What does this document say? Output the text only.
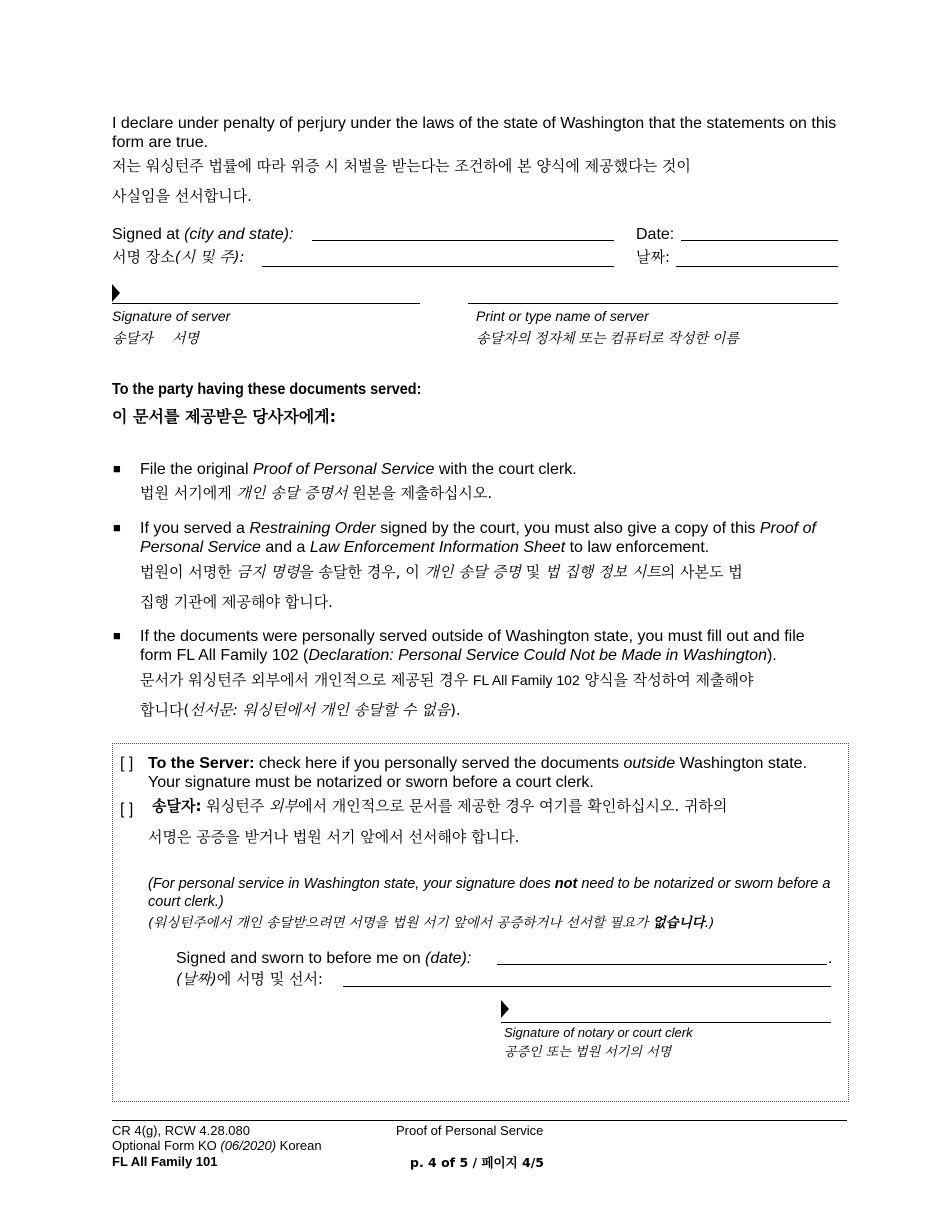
I declare under penalty of perjury under the laws of the state of Washington that the statements on this form are true.
저는 워싱턴주 법률에 따라 위증 시 처벌을 받는다는 조건하에 본 양식에 제공했다는 것이
사실임을 선서합니다.
Signed at (city and state):
서명 장소(시 및 주):
Date:
날짜:
Signature of server
송달자     서명
Print or type name of server
송달자의 정자체 또는 컴퓨터로 작성한 이름
To the party having these documents served:
이 문서를 제공받은 당사자에게:
■ File the original Proof of Personal Service with the court clerk.
법원 서기에게 개인 송달 증명서 원본을 제출하십시오.
■ If you served a Restraining Order signed by the court, you must also give a copy of this Proof of Personal Service and a Law Enforcement Information Sheet to law enforcement.
법원이 서명한 금지 명령을 송달한 경우, 이 개인 송달 증명 및 법 집행 정보 시트의 사본도 법
집행 기관에 제공해야 합니다.
■ If the documents were personally served outside of Washington state, you must fill out and file form FL All Family 102 (Declaration: Personal Service Could Not be Made in Washington).
문서가 워싱턴주 외부에서 개인적으로 제공된 경우 FL All Family 102 양식을 작성하여 제출해야
합니다(선서문: 워싱턴에서 개인 송달할 수 없음).
[ ] To the Server: check here if you personally served the documents outside Washington state. Your signature must be notarized or sworn before a court clerk.
[ ] 송달자: 워싱턴주 외부에서 개인적으로 문서를 제공한 경우 여기를 확인하십시오. 귀하의
서명은 공증을 받거나 법원 서기 앞에서 선서해야 합니다.
(For personal service in Washington state, your signature does not need to be notarized or sworn before a court clerk.)
(워싱턴주에서 개인 송달받으려면 서명을 법원 서기 앞에서 공증하거나 선서할 필요가 없습니다.)
Signed and sworn to before me on (date):	.
(날짜)에 서명 및 선서:
Signature of notary or court clerk
공증인 또는 법원 서기의 서명
CR 4(g), RCW 4.28.080
Optional Form KO (06/2020) Korean
FL All Family 101
Proof of Personal Service
p. 4 of 5 / 페이지 4/5
